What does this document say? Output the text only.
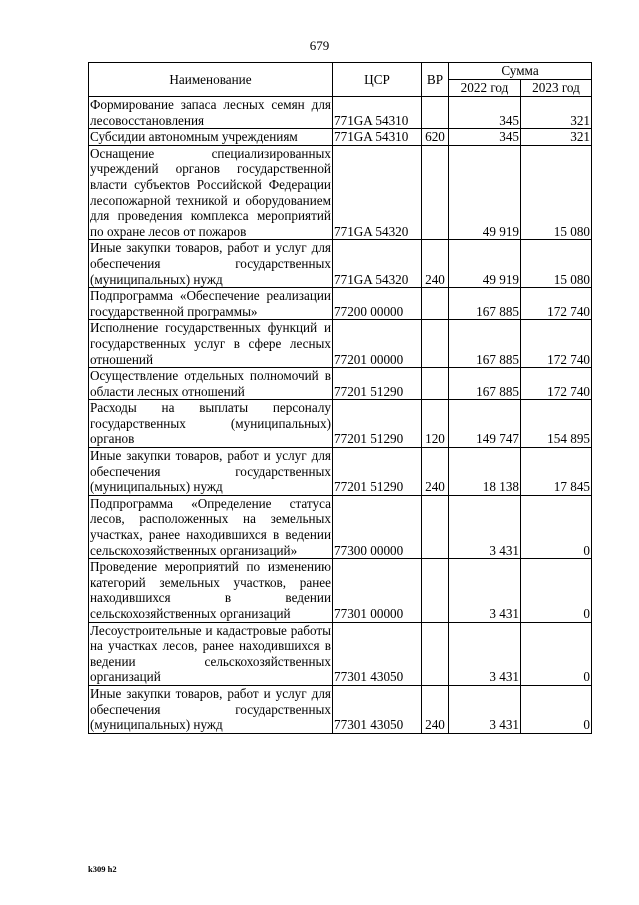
679
Наименование	ЦСР	ВР	Сумма	
			2022 год	2023 год
Формирование запаса лесных семян для лесовосстановления	771GA 54310		345	321
Субсидии автономным учреждениям	771GA 54310	620	345	321
Оснащение специализированных учреждений органов государственной власти субъектов Российской Федерации лесопожарной техникой и оборудованием для проведения комплекса мероприятий по охране лесов от пожаров	771GA 54320		49 919	15 080
Иные закупки товаров, работ и услуг для обеспечения государственных (муниципальных) нужд	771GA 54320	240	49 919	15 080
Подпрограмма «Обеспечение реализации государственной программы»	77200 00000		167 885	172 740
Исполнение государственных функций и государственных услуг в сфере лесных отношений	77201 00000		167 885	172 740
Осуществление отдельных полномочий в области лесных отношений	77201 51290		167 885	172 740
Расходы на выплаты персоналу государственных (муниципальных) органов	77201 51290	120	149 747	154 895
Иные закупки товаров, работ и услуг для обеспечения государственных (муниципальных) нужд	77201 51290	240	18 138	17 845
Подпрограмма «Определение статуса лесов, расположенных на земельных участках, ранее находившихся в ведении сельскохозяйственных организаций»	77300 00000		3 431	0
Проведение мероприятий по изменению категорий земельных участков, ранее находившихся в ведении сельскохозяйственных организаций	77301 00000		3 431	0
Лесоустроительные и кадастровые работы на участках лесов, ранее находившихся в ведении сельскохозяйственных организаций	77301 43050		3 431	0
Иные закупки товаров, работ и услуг для обеспечения государственных (муниципальных) нужд	77301 43050	240	3 431	0
k309 h2
